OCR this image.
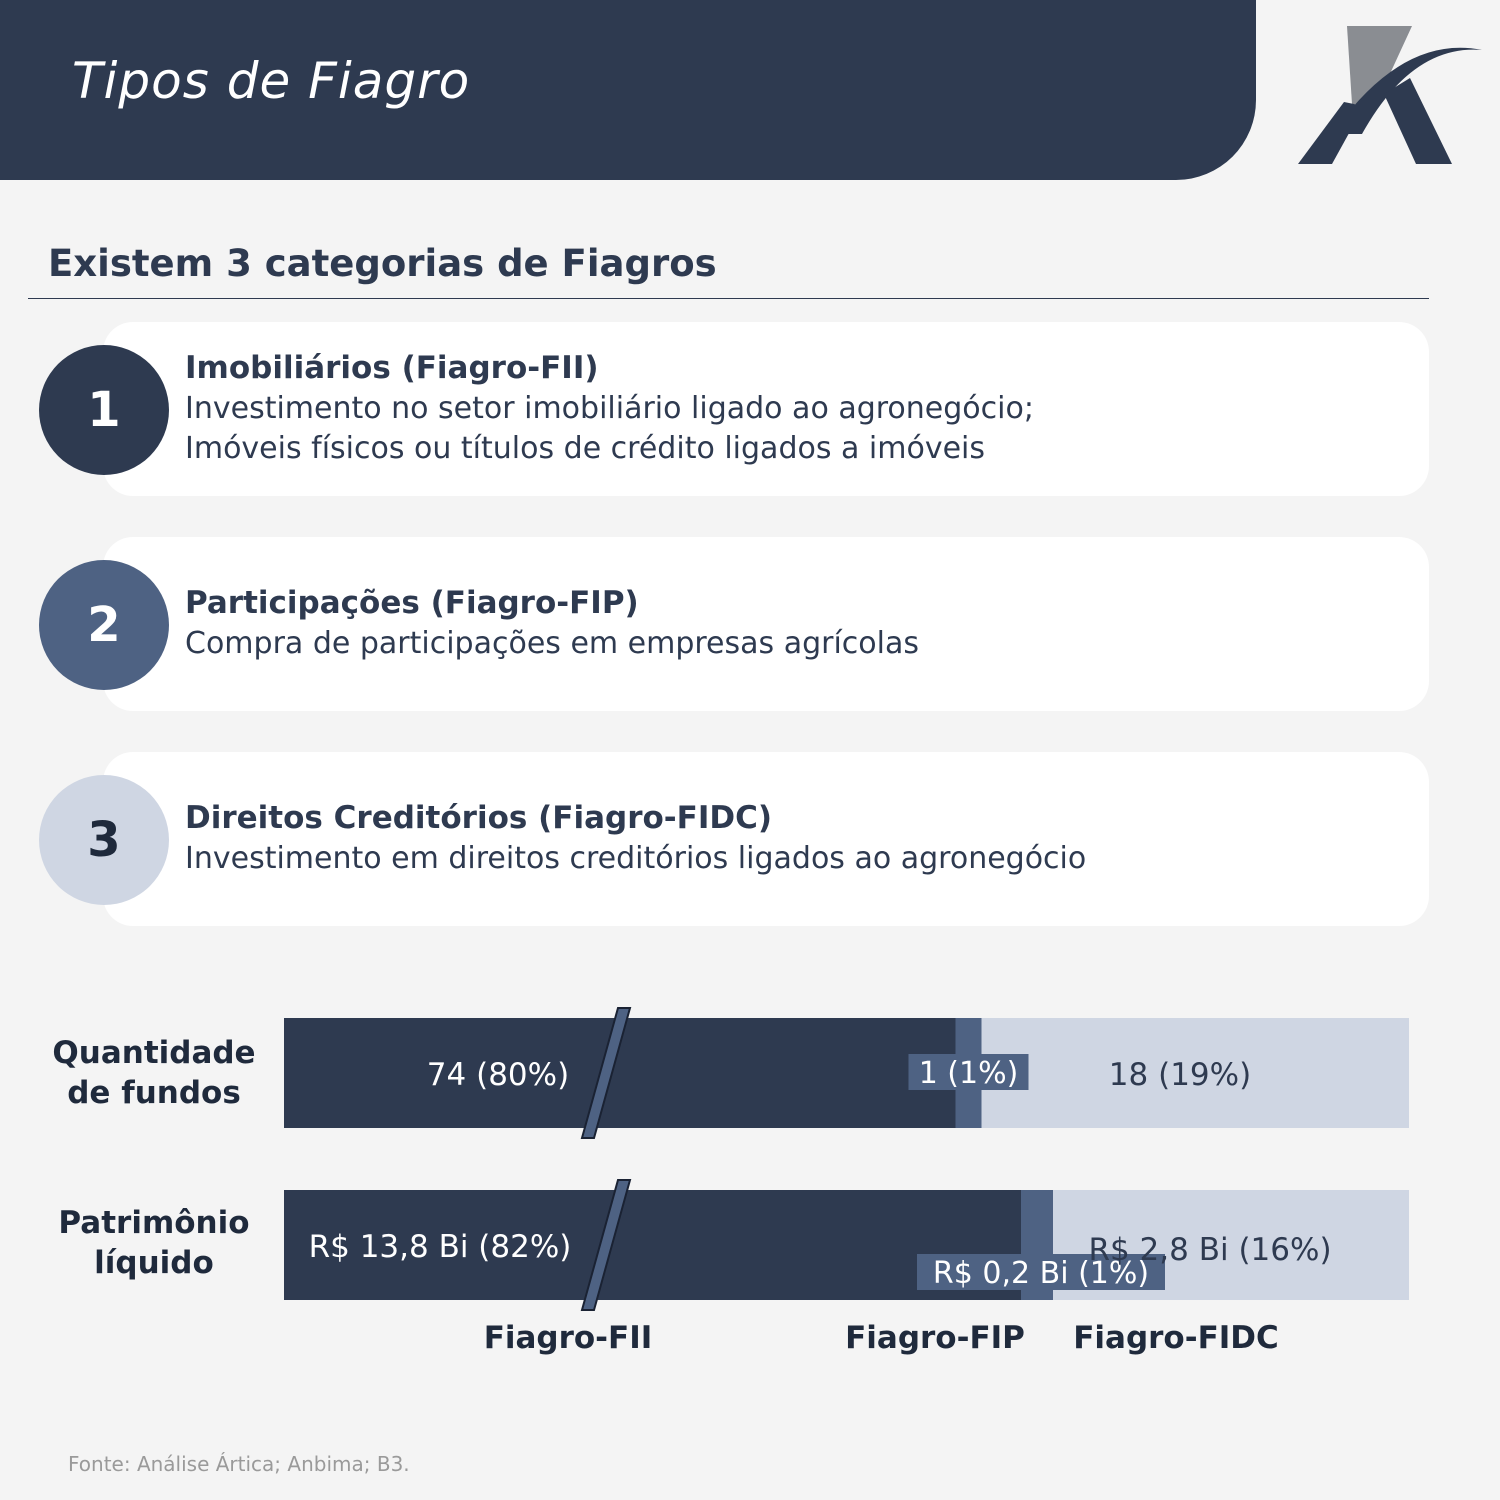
Tipos de Fiagro
Existem 3 categorias de Fiagros
1
Imobiliários (Fiagro-FII)
Investimento no setor imobiliário ligado ao agronegócio;
Imóveis físicos ou títulos de crédito ligados a imóveis
2	Participações (Fiagro-FIP)
Compra de participações em empresas agrícolas
3	Direitos Creditórios (Fiagro-FIDC)
Investimento em direitos creditórios ligados ao agronegócio
Quantidade
de fundos
Patrimônio
líquido
74 (80%)	1 (1%)	18 (19%)
R$ 13,8 Bi (82%)
R$ 0,2 Bi (1%)
R$ 2,8 Bi (16%)
Fiagro-FII	Fiagro-FIP Fiagro-FIDC
Fonte: Análise Ártica; Anbima; B3.
